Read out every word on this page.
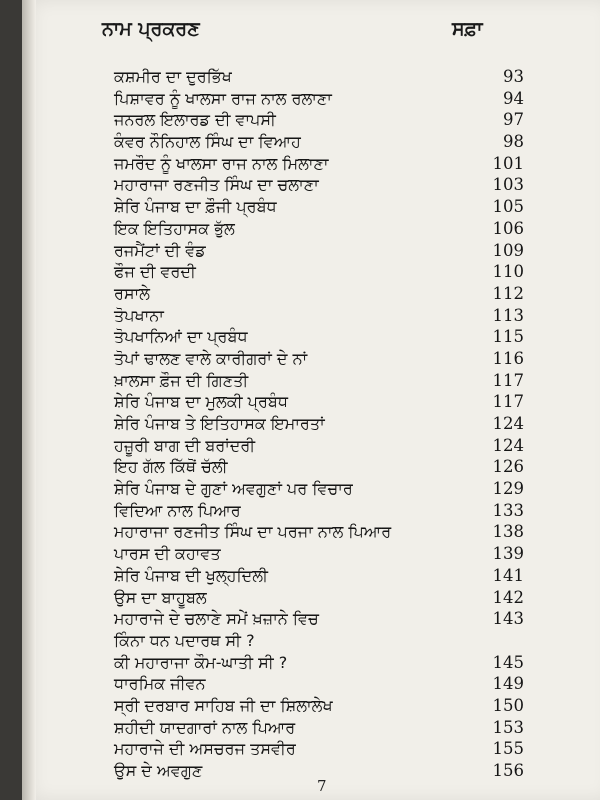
ਨਾਮ ਪ੍ਰਕਰਣ	ਸਫ਼ਾ
ਕਸ਼ਮੀਰ ਦਾ ਦੁਰਭਿੱਖ	93
ਪਿਸ਼ਾਵਰ ਨੂੰ ਖਾਲਸਾ ਰਾਜ ਨਾਲ ਰਲਾਣਾ	94
ਜਨਰਲ ਇਲਾਰਡ ਦੀ ਵਾਪਸੀ	97
ਕੰਵਰ ਨੌਨਿਹਾਲ ਸਿੰਘ ਦਾ ਵਿਆਹ	98
ਜਮਰੌਦ ਨੂੰ ਖਾਲਸਾ ਰਾਜ ਨਾਲ ਮਿਲਾਣਾ	101
ਮਹਾਰਾਜਾ ਰਣਜੀਤ ਸਿੰਘ ਦਾ ਚਲਾਣਾ	103
ਸ਼ੇਰਿ ਪੰਜਾਬ ਦਾ ਫ਼ੌਜੀ ਪ੍ਰਬੰਧ	105
ਇਕ ਇਤਿਹਾਸਕ ਭੁੱਲ	106
ਰਜਮੈਂਟਾਂ ਦੀ ਵੰਡ	109
ਫੌਜ ਦੀ ਵਰਦੀ	110
ਰਸਾਲੇ	112
ਤੋਪਖਾਨਾ	113
ਤੋਪਖਾਨਿਆਂ ਦਾ ਪ੍ਰਬੰਧ	115
ਤੋਪਾਂ ਢਾਲਣ ਵਾਲੇ ਕਾਰੀਗਰਾਂ ਦੇ ਨਾਂ	116
ਖ਼ਾਲਸਾ ਫ਼ੌਜ ਦੀ ਗਿਣਤੀ	117
ਸ਼ੇਰਿ ਪੰਜਾਬ ਦਾ ਮੁਲਕੀ ਪ੍ਰਬੰਧ	117
ਸ਼ੇਰਿ ਪੰਜਾਬ ਤੇ ਇਤਿਹਾਸਕ ਇਮਾਰਤਾਂ	124
ਹਜ਼ੂਰੀ ਬਾਗ ਦੀ ਬਰਾਂਦਰੀ	124
ਇਹ ਗੱਲ ਕਿੱਥੋਂ ਚੱਲੀ	126
ਸ਼ੇਰਿ ਪੰਜਾਬ ਦੇ ਗੁਣਾਂ ਅਵਗੁਣਾਂ ਪਰ ਵਿਚਾਰ	129
ਵਿਦਿਆ ਨਾਲ ਪਿਆਰ	133
ਮਹਾਰਾਜਾ ਰਣਜੀਤ ਸਿੰਘ ਦਾ ਪਰਜਾ ਨਾਲ ਪਿਆਰ	138
ਪਾਰਸ ਦੀ ਕਹਾਵਤ	139
ਸ਼ੇਰਿ ਪੰਜਾਬ ਦੀ ਖੁਲ੍ਹਦਿਲੀ	141
ਉਸ ਦਾ ਬਾਹੂਬਲ	142
ਮਹਾਰਾਜੇ ਦੇ ਚਲਾਣੇ ਸਮੇਂ ਖ਼ਜ਼ਾਨੇ ਵਿਚ	143
ਕਿੰਨਾ ਧਨ ਪਦਾਰਥ ਸੀ ?
ਕੀ ਮਹਾਰਾਜਾ ਕੌਮ-ਘਾਤੀ ਸੀ ?	145
ਧਾਰਮਿਕ ਜੀਵਨ	149
ਸ੍ਰੀ ਦਰਬਾਰ ਸਾਹਿਬ ਜੀ ਦਾ ਸ਼ਿਲਾਲੇਖ	150
ਸ਼ਹੀਦੀ ਯਾਦਗਾਰਾਂ ਨਾਲ ਪਿਆਰ	153
ਮਹਾਰਾਜੇ ਦੀ ਅਸਚਰਜ ਤਸਵੀਰ	155
ਉਸ ਦੇ ਅਵਗੁਣ	156
7
